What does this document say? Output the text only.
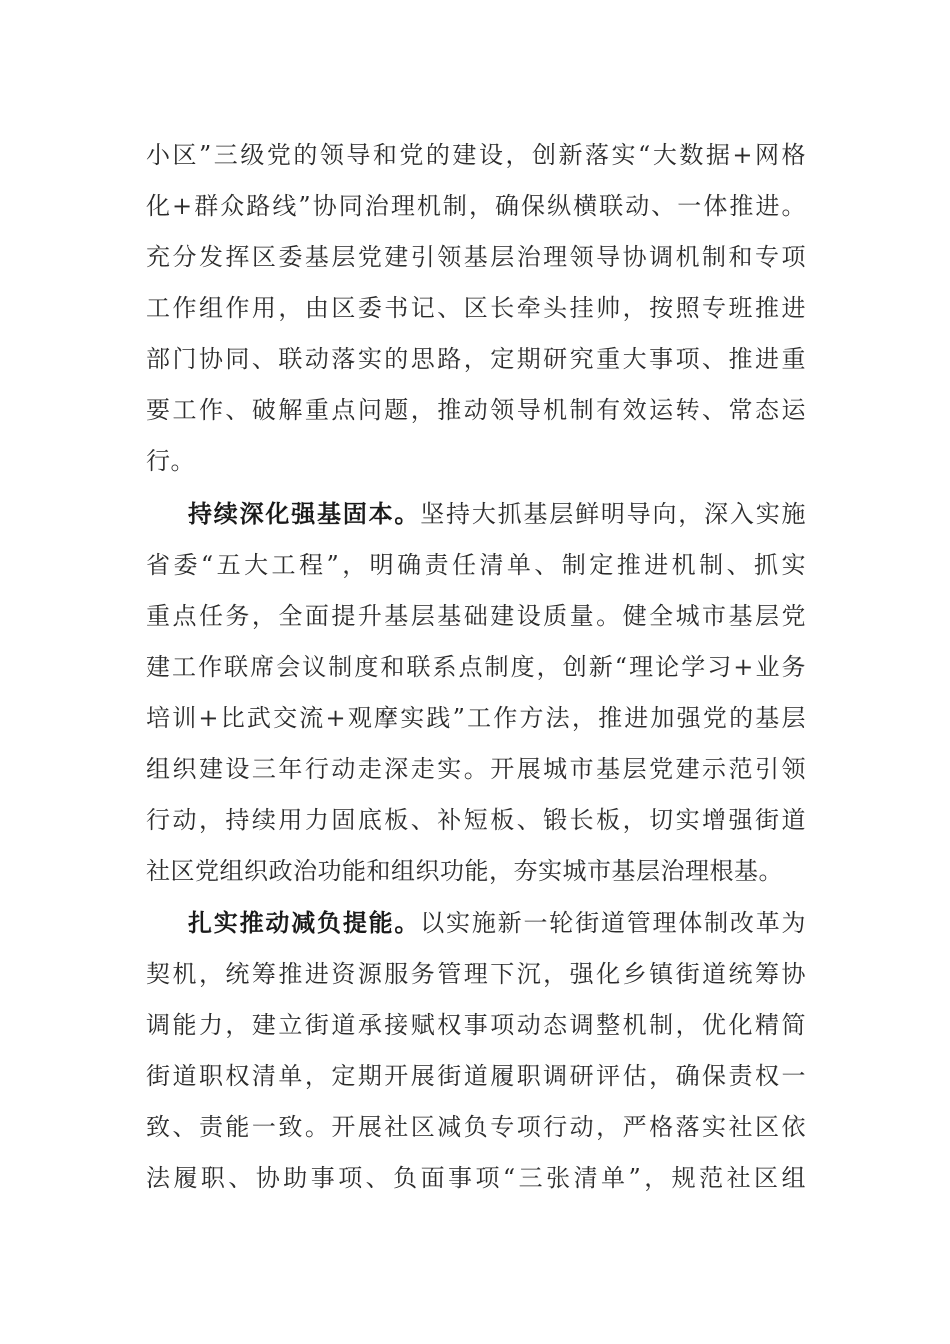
小区”三级党的领导和党的建设，创新落实“大数据+网格
化+群众路线”协同治理机制，确保纵横联动、一体推进。
充分发挥区委基层党建引领基层治理领导协调机制和专项
工作组作用，由区委书记、区长牵头挂帅，按照专班推进
部门协同、联动落实的思路，定期研究重大事项、推进重
要工作、破解重点问题，推动领导机制有效运转、常态运
行。
持续深化强基固本。坚持大抓基层鲜明导向，深入实施
省委“五大工程”，明确责任清单、制定推进机制、抓实
重点任务，全面提升基层基础建设质量。健全城市基层党
建工作联席会议制度和联系点制度，创新“理论学习+业务
培训+比武交流+观摩实践”工作方法，推进加强党的基层
组织建设三年行动走深走实。开展城市基层党建示范引领
行动，持续用力固底板、补短板、锻长板，切实增强街道
社区党组织政治功能和组织功能，夯实城市基层治理根基。
扎实推动减负提能。以实施新一轮街道管理体制改革为
契机，统筹推进资源服务管理下沉，强化乡镇街道统筹协
调能力，建立街道承接赋权事项动态调整机制，优化精简
街道职权清单，定期开展街道履职调研评估，确保责权一
致、责能一致。开展社区减负专项行动，严格落实社区依
法履职、协助事项、负面事项“三张清单”，规范社区组
